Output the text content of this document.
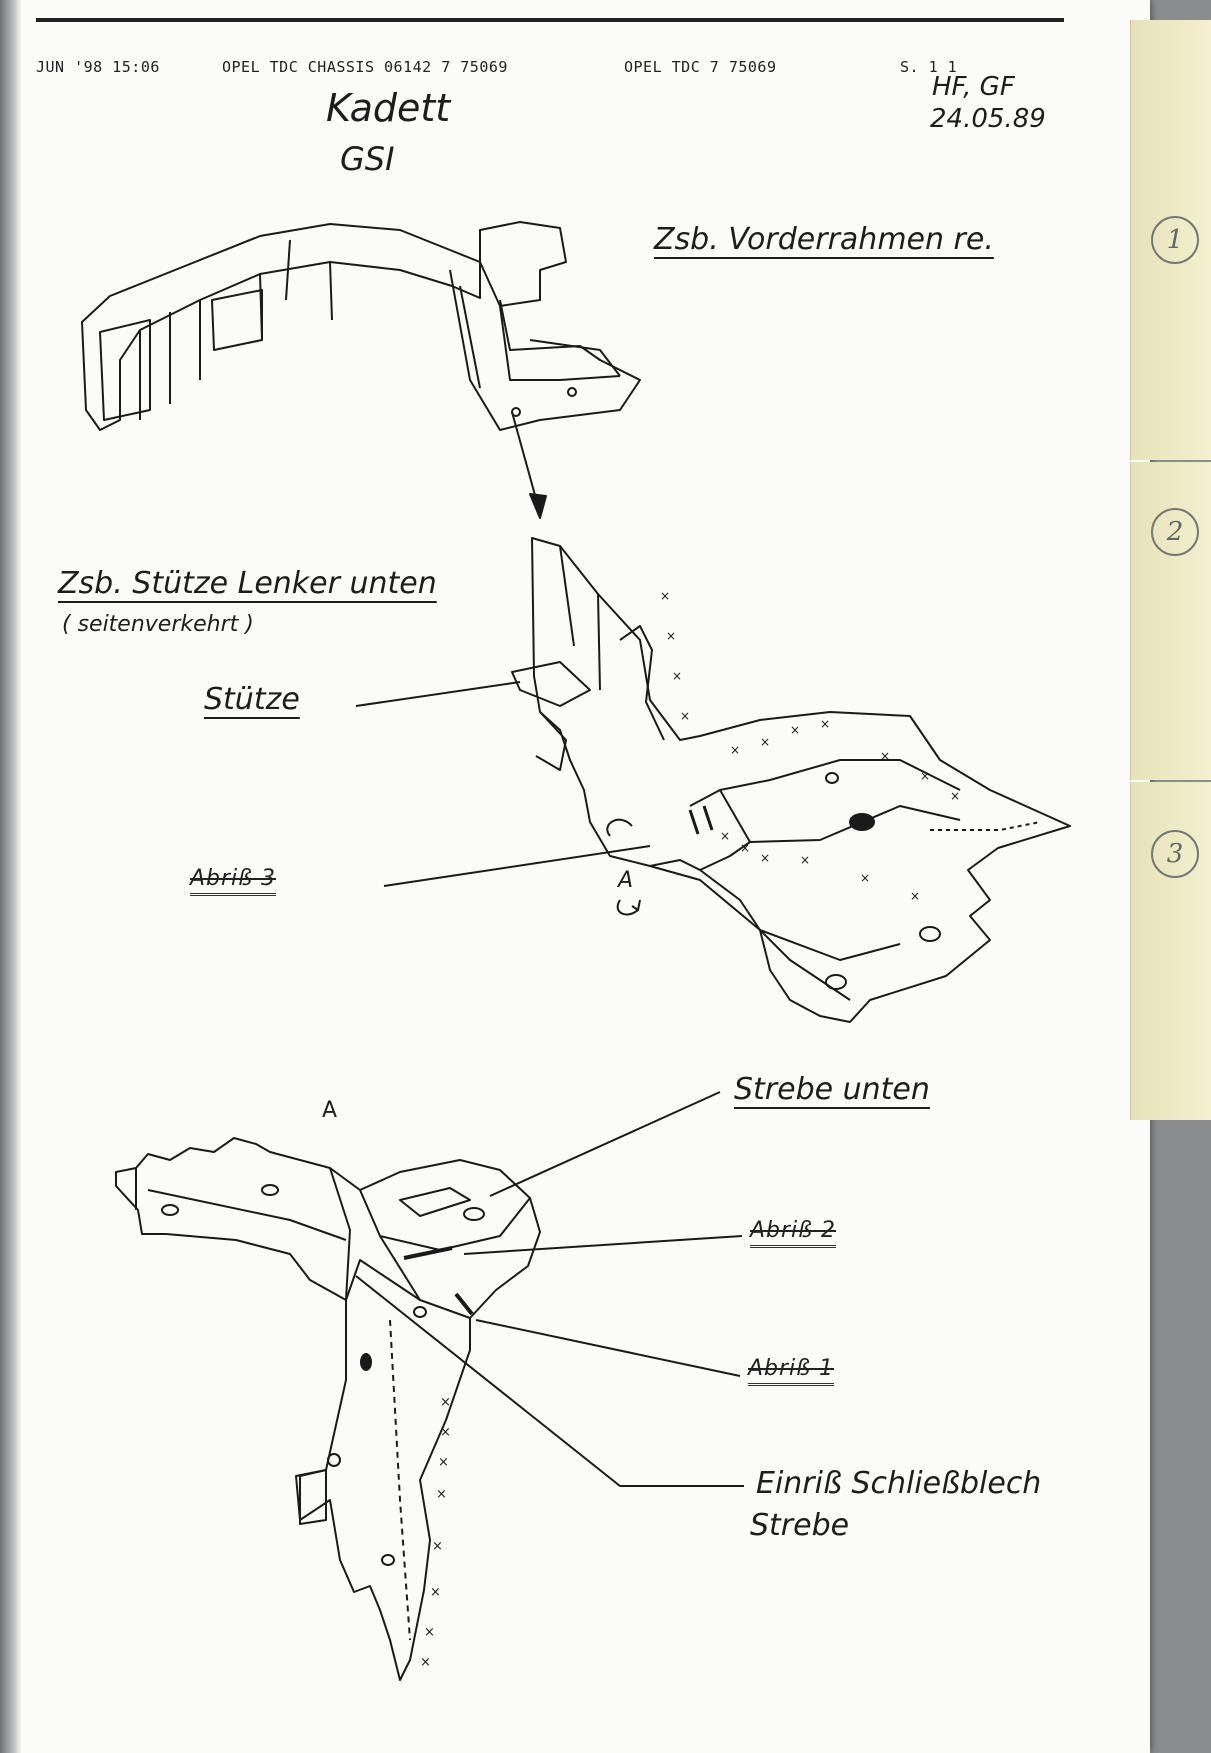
JUN '98 15:06	OPEL TDC CHASSIS 06142 7 75069	OPEL TDC 7 75069	S. 1 1
Kadett
GSI
HF, GF
24.05.89
Zsb. Vorderrahmen re.
Zsb. Stütze Lenker unten
( seitenverkehrt )
Stütze
Abriß 3	A
A
Strebe unten
Abriß 2
Abriß 1
Einriß Schließblech
Strebe
1
2
3
×
×
×
×
×
×
× ×
×
×
×
×
×
× ×
×
×
×
×
×
×
×
×
×
×
